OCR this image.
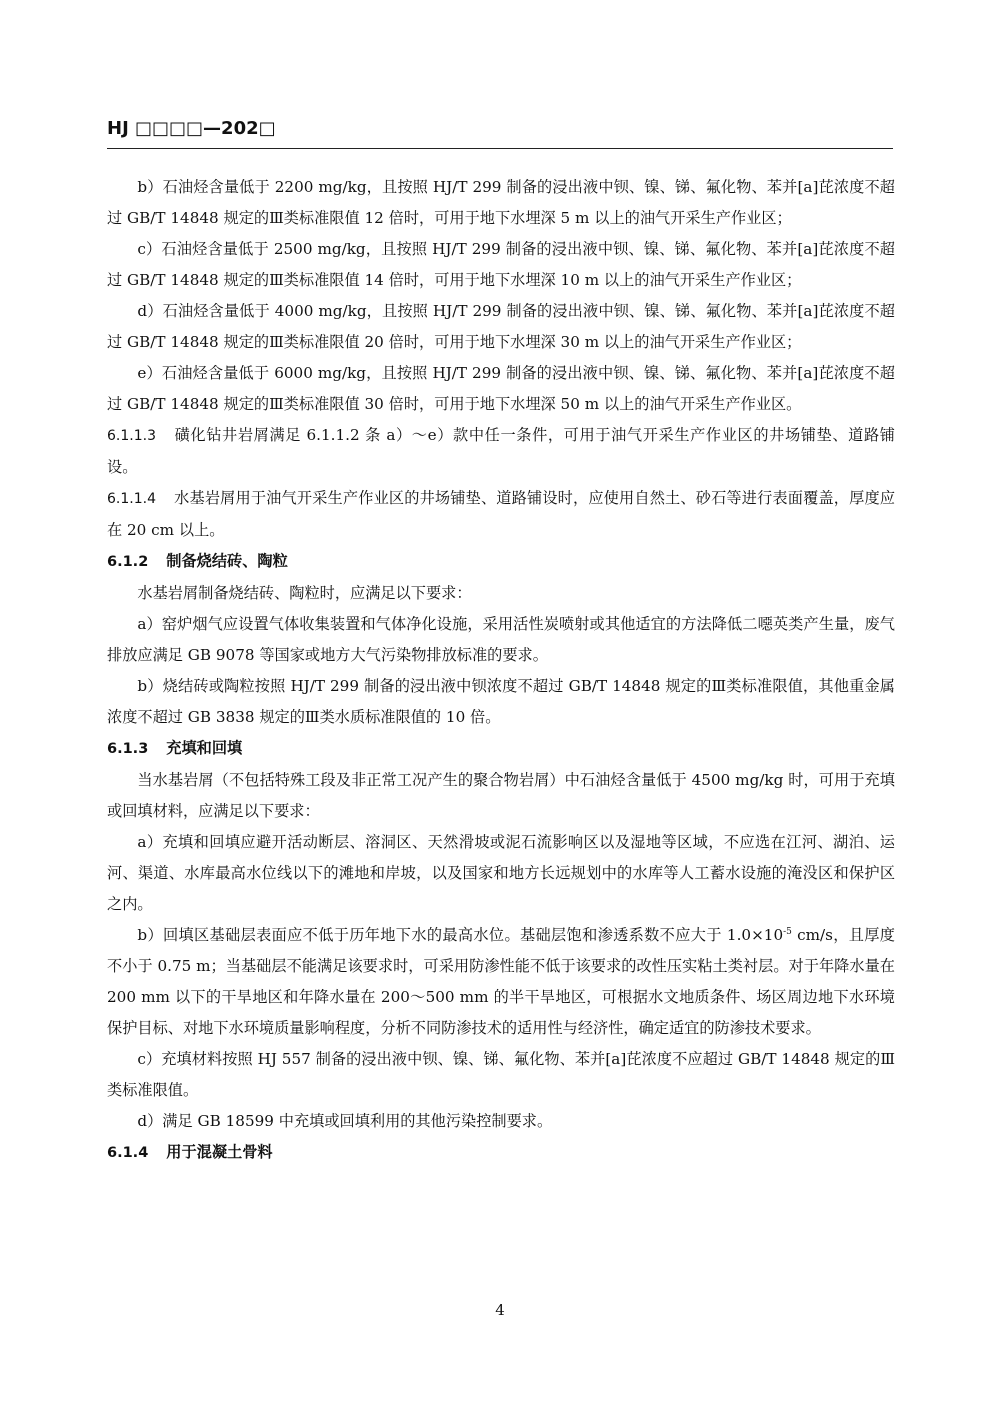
HJ □□□□—202□

b）石油烃含量低于 2200 mg/kg，且按照 HJ/T 299 制备的浸出液中钡、镍、锑、氟化物、苯并[a]芘浓度不超过 GB/T 14848 规定的Ⅲ类标准限值 12 倍时，可用于地下水埋深 5 m 以上的油气开采生产作业区；

c）石油烃含量低于 2500 mg/kg，且按照 HJ/T 299 制备的浸出液中钡、镍、锑、氟化物、苯并[a]芘浓度不超过 GB/T 14848 规定的Ⅲ类标准限值 14 倍时，可用于地下水埋深 10 m 以上的油气开采生产作业区；

d）石油烃含量低于 4000 mg/kg，且按照 HJ/T 299 制备的浸出液中钡、镍、锑、氟化物、苯并[a]芘浓度不超过 GB/T 14848 规定的Ⅲ类标准限值 20 倍时，可用于地下水埋深 30 m 以上的油气开采生产作业区；

e）石油烃含量低于 6000 mg/kg，且按照 HJ/T 299 制备的浸出液中钡、镍、锑、氟化物、苯并[a]芘浓度不超过 GB/T 14848 规定的Ⅲ类标准限值 30 倍时，可用于地下水埋深 50 m 以上的油气开采生产作业区。

6.1.1.3 磺化钻井岩屑满足 6.1.1.2 条 a）～e）款中任一条件，可用于油气开采生产作业区的井场铺垫、道路铺设。

6.1.1.4 水基岩屑用于油气开采生产作业区的井场铺垫、道路铺设时，应使用自然土、砂石等进行表面覆盖，厚度应在 20 cm 以上。

6.1.2 制备烧结砖、陶粒

水基岩屑制备烧结砖、陶粒时，应满足以下要求：

a）窑炉烟气应设置气体收集装置和气体净化设施，采用活性炭喷射或其他适宜的方法降低二噁英类产生量，废气排放应满足 GB 9078 等国家或地方大气污染物排放标准的要求。

b）烧结砖或陶粒按照 HJ/T 299 制备的浸出液中钡浓度不超过 GB/T 14848 规定的Ⅲ类标准限值，其他重金属浓度不超过 GB 3838 规定的Ⅲ类水质标准限值的 10 倍。

6.1.3 充填和回填

当水基岩屑（不包括特殊工段及非正常工况产生的聚合物岩屑）中石油烃含量低于 4500 mg/kg 时，可用于充填或回填材料，应满足以下要求：

a）充填和回填应避开活动断层、溶洞区、天然滑坡或泥石流影响区以及湿地等区域，不应选在江河、湖泊、运河、渠道、水库最高水位线以下的滩地和岸坡，以及国家和地方长远规划中的水库等人工蓄水设施的淹没区和保护区之内。

b）回填区基础层表面应不低于历年地下水的最高水位。基础层饱和渗透系数不应大于 $1.0\times 10^{-5}$ cm/s，且厚度不小于 0.75 m；当基础层不能满足该要求时，可采用防渗性能不低于该要求的改性压实粘土类衬层。对于年降水量在 200 mm 以下的干旱地区和年降水量在 200～500 mm 的半干旱地区，可根据水文地质条件、场区周边地下水环境保护目标、对地下水环境质量影响程度，分析不同防渗技术的适用性与经济性，确定适宜的防渗技术要求。

c）充填材料按照 HJ 557 制备的浸出液中钡、镍、锑、氟化物、苯并[a]芘浓度不应超过 GB/T 14848 规定的Ⅲ类标准限值。

d）满足 GB 18599 中充填或回填利用的其他污染控制要求。

6.1.4 用于混凝土骨料

4
